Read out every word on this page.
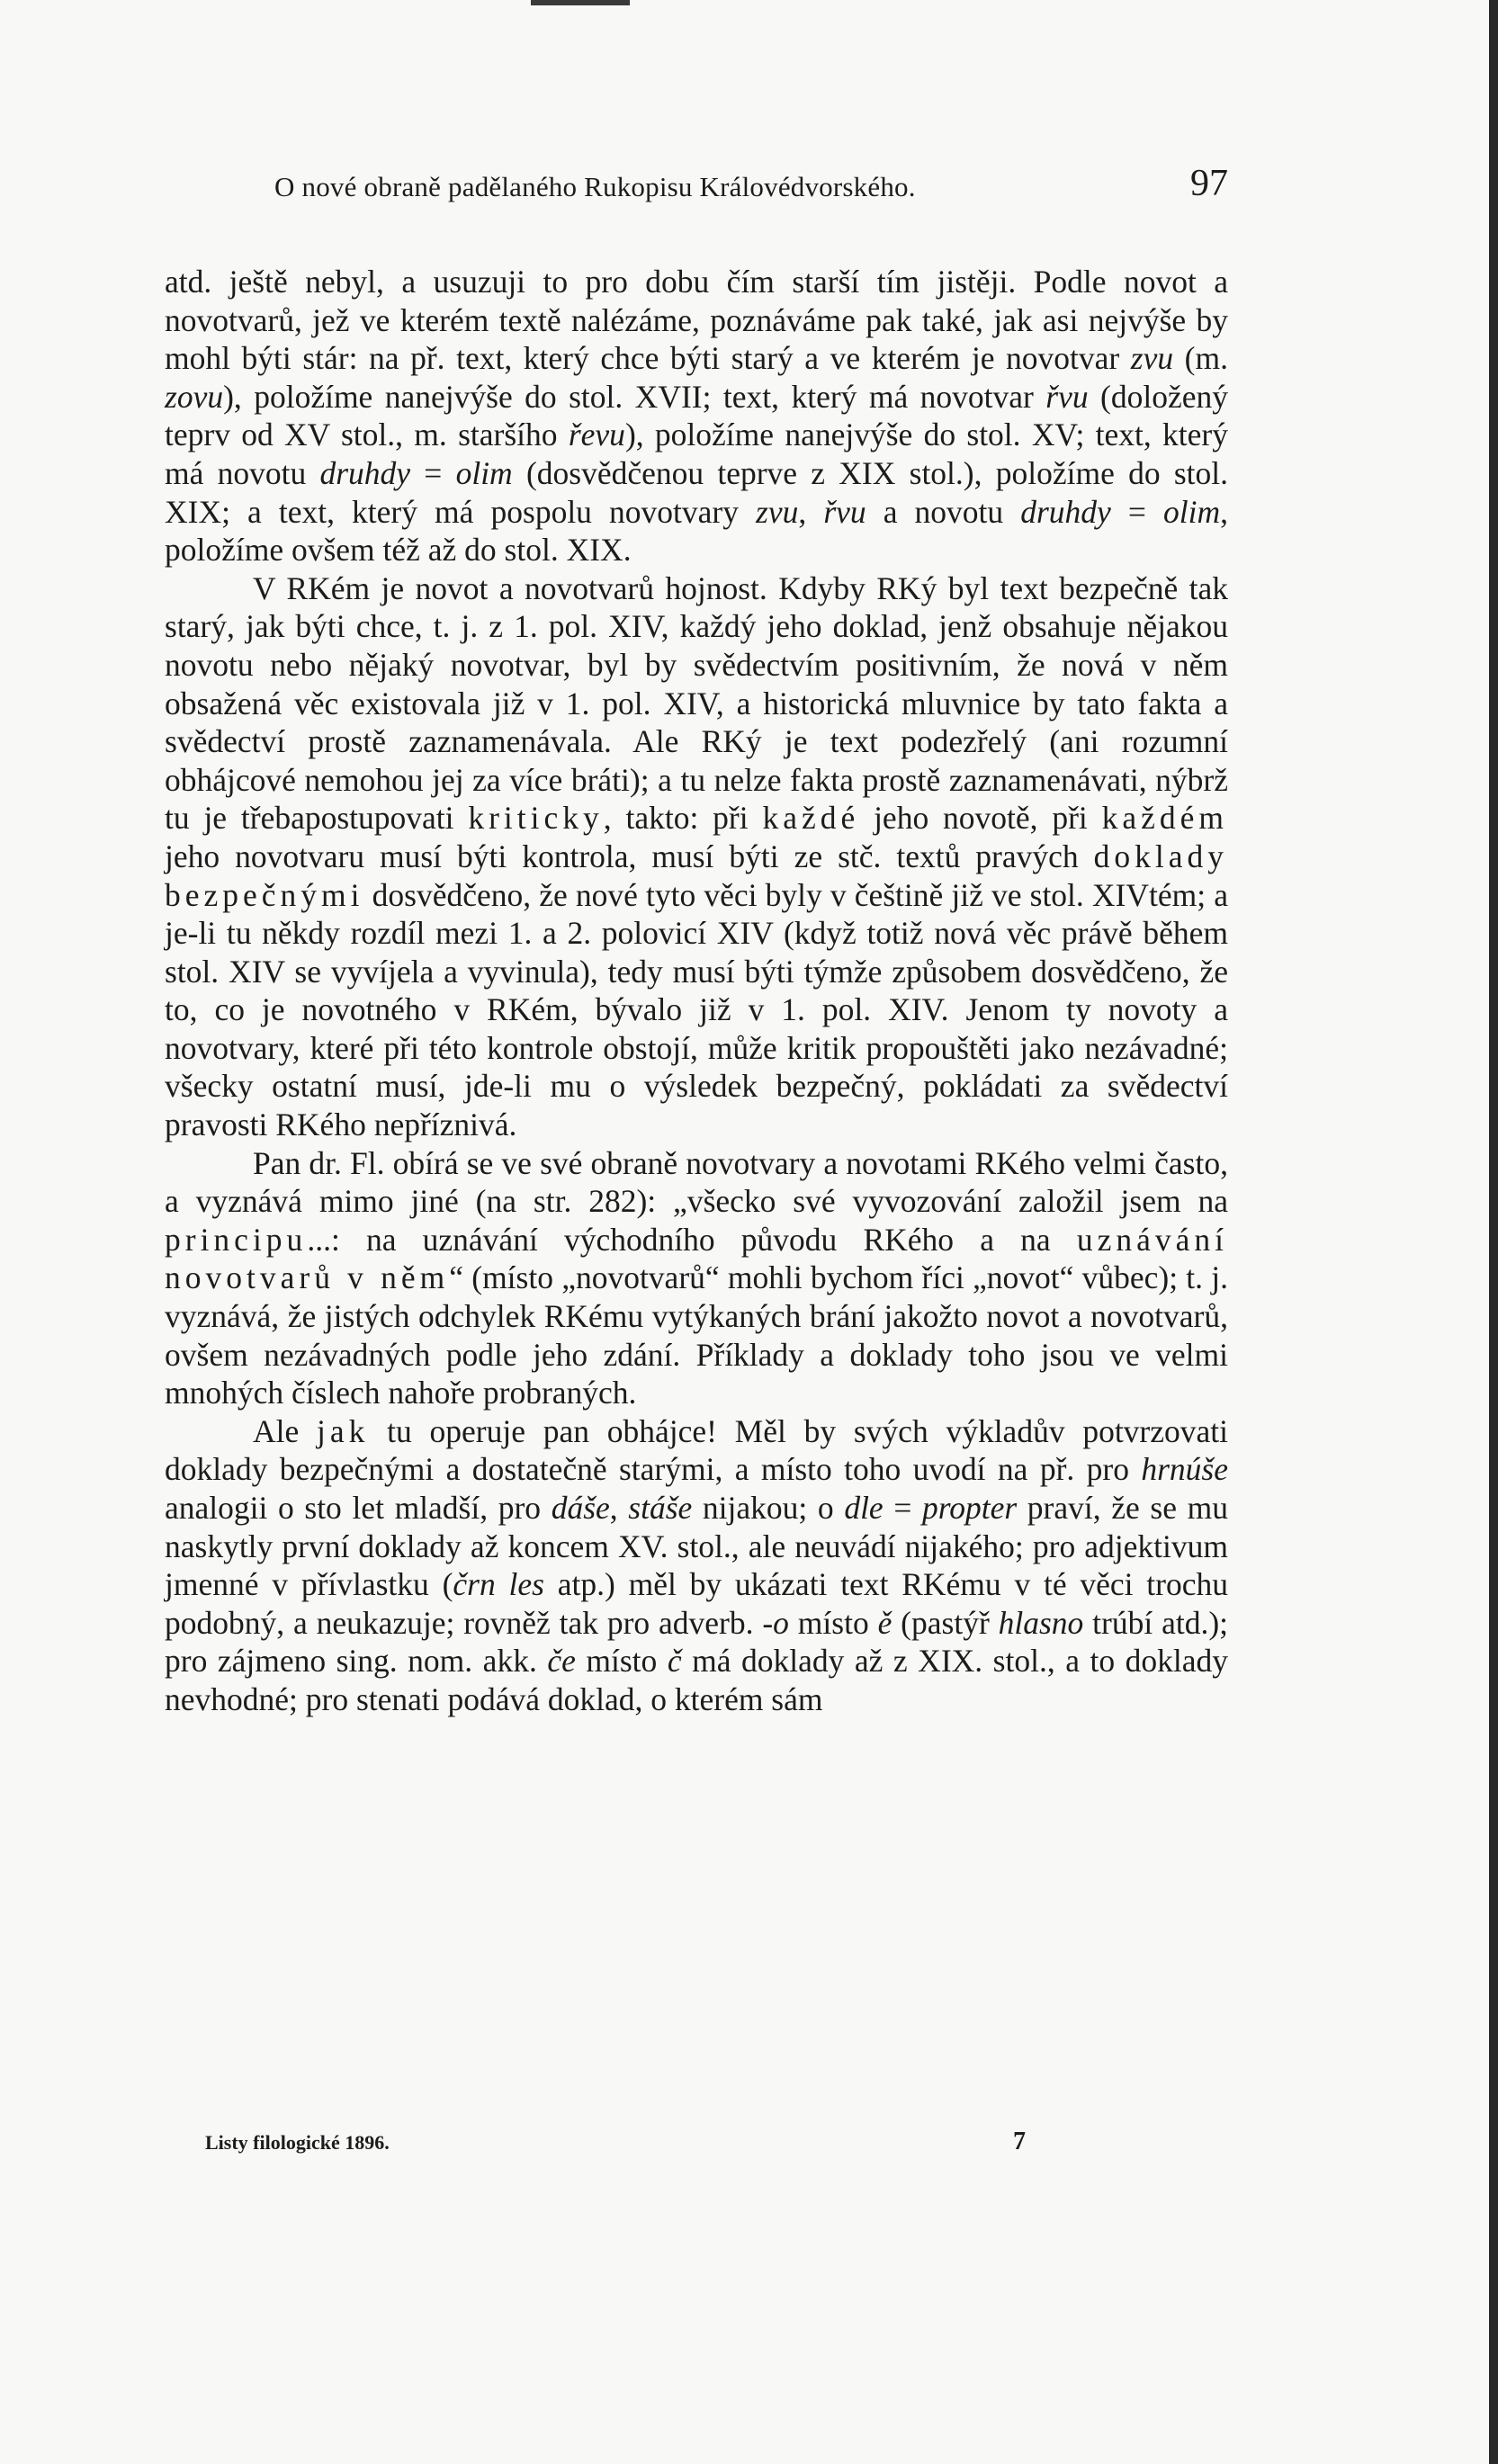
O nové obraně padělaného Rukopisu Královédvorského.	97

atd. ještě nebyl, a usuzuji to pro dobu čím starší tím jistěji. Podle novot a novotvarů, jež ve kterém textě nalézáme, poznáváme pak také, jak asi nejvýše by mohl býti stár: na př. text, který chce býti starý a ve kterém je novotvar zvu (m. zovu), položíme nanejvýše do stol. XVII; text, který má novotvar řvu (doložený teprv od XV stol., m. staršího řevu), položíme nanejvýše do stol. XV; text, který má novotu druhdy = olim (dosvědčenou teprve z XIX stol.), položíme do stol. XIX; a text, který má pospolu novotvary zvu, řvu a novotu druhdy = olim, položíme ovšem též až do stol. XIX.

V RKém je novot a novotvarů hojnost. Kdyby RKý byl text bezpečně tak starý, jak býti chce, t. j. z 1. pol. XIV, každý jeho doklad, jenž obsahuje nějakou novotu nebo nějaký novotvar, byl by svědectvím positivním, že nová v něm obsažená věc existovala již v 1. pol. XIV, a historická mluvnice by tato fakta a svědectví prostě zaznamenávala. Ale RKý je text podezřelý (ani rozumní obhájcové nemohou jej za více bráti); a tu nelze fakta prostě zaznamenávati, nýbrž tu je třebapostupovati kriticky, takto: při každé jeho novotě, při každém jeho novotvaru musí býti kontrola, musí býti ze stč. textů pravých doklady bezpečnými dosvědčeno, že nové tyto věci byly v češtině již ve stol. XIVtém; a je-li tu někdy rozdíl mezi 1. a 2. polovicí XIV (když totiž nová věc právě během stol. XIV se vyvíjela a vyvinula), tedy musí býti týmže způsobem dosvědčeno, že to, co je novotného v RKém, bývalo již v 1. pol. XIV. Jenom ty novoty a novotvary, které při této kontrole obstojí, může kritik propouštěti jako nezávadné; všecky ostatní musí, jde-li mu o výsledek bezpečný, pokládati za svědectví pravosti RKého nepříznivá.

Pan dr. Fl. obírá se ve své obraně novotvary a novotami RKého velmi často, a vyznává mimo jiné (na str. 282): „všecko své vyvozování založil jsem na principu...: na uznávání východního původu RKého a na uznávání novotvarů v něm“ (místo „novotvarů“ mohli bychom říci „novot“ vůbec); t. j. vyznává, že jistých odchylek RKému vytýkaných brání jakožto novot a novotvarů, ovšem nezávadných podle jeho zdání. Příklady a doklady toho jsou ve velmi mnohých číslech nahoře probraných.

Ale jak tu operuje pan obhájce! Měl by svých výkladův potvrzovati doklady bezpečnými a dostatečně starými, a místo toho uvodí na př. pro hrnúše analogii o sto let mladší, pro dáše, stáše nijakou; o dle = propter praví, že se mu naskytly první doklady až koncem XV. stol., ale neuvádí nijakého; pro adjektivum jmenné v přívlastku (črn les atp.) měl by ukázati text RKému v té věci trochu podobný, a neukazuje; rovněž tak pro adverb. -o místo ě (pastýř hlasno trúbí atd.); pro zájmeno sing. nom. akk. če místo č má doklady až z XIX. stol., a to doklady nevhodné; pro stenati podává doklad, o kterém sám

Listy filologické 1896.	7
